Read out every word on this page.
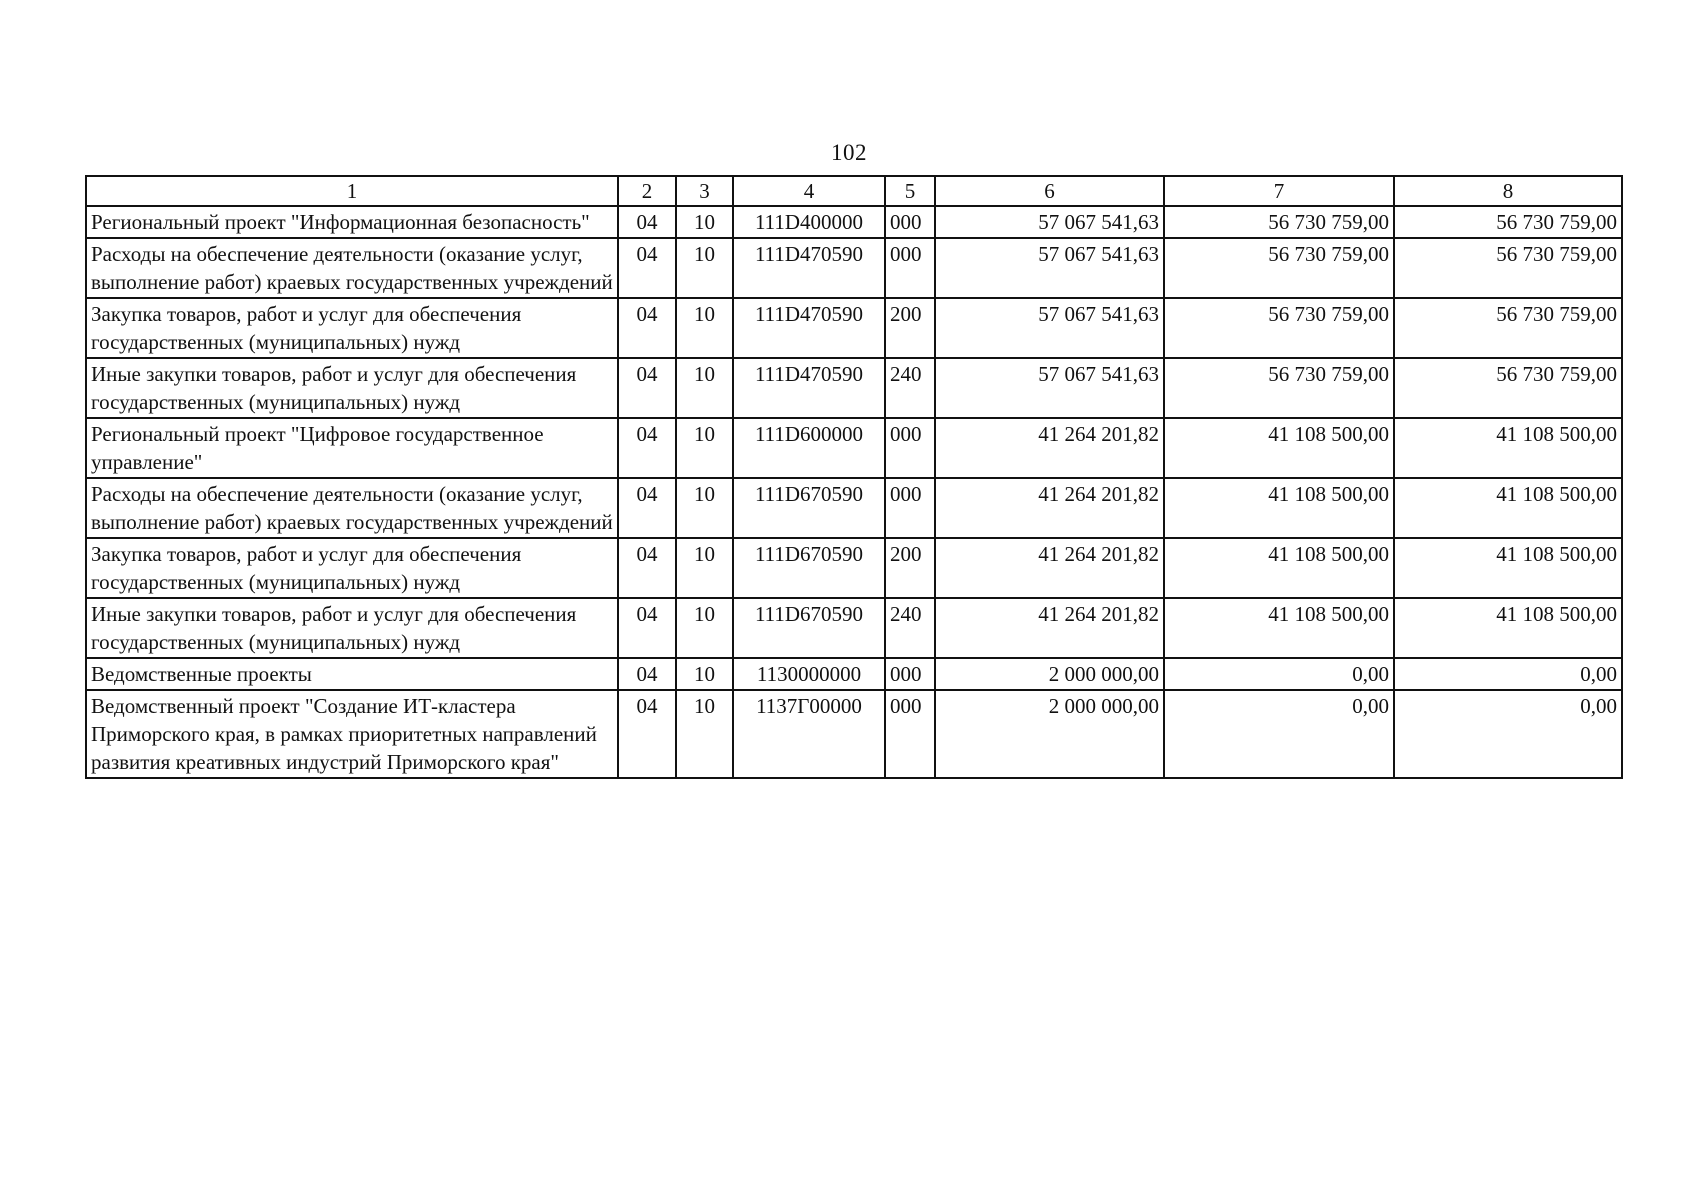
102
1	2	3	4	5	6	7	8
Региональный проект "Информационная безопасность"	04	10	111D400000	000	57 067 541,63	56 730 759,00	56 730 759,00
Расходы на обеспечение деятельности (оказание услуг, выполнение работ) краевых государственных учреждений	04	10	111D470590	000	57 067 541,63	56 730 759,00	56 730 759,00
Закупка товаров, работ и услуг для обеспечения государственных (муниципальных) нужд	04	10	111D470590	200	57 067 541,63	56 730 759,00	56 730 759,00
Иные закупки товаров, работ и услуг для обеспечения государственных (муниципальных) нужд	04	10	111D470590	240	57 067 541,63	56 730 759,00	56 730 759,00
Региональный проект "Цифровое государственное управление"	04	10	111D600000	000	41 264 201,82	41 108 500,00	41 108 500,00
Расходы на обеспечение деятельности (оказание услуг, выполнение работ) краевых государственных учреждений	04	10	111D670590	000	41 264 201,82	41 108 500,00	41 108 500,00
Закупка товаров, работ и услуг для обеспечения государственных (муниципальных) нужд	04	10	111D670590	200	41 264 201,82	41 108 500,00	41 108 500,00
Иные закупки товаров, работ и услуг для обеспечения государственных (муниципальных) нужд	04	10	111D670590	240	41 264 201,82	41 108 500,00	41 108 500,00
Ведомственные проекты	04	10	1130000000	000	2 000 000,00	0,00	0,00
Ведомственный проект "Создание ИТ-кластера Приморского края, в рамках приоритетных направлений развития креативных индустрий Приморского края"	04	10	1137Г00000	000	2 000 000,00	0,00	0,00
